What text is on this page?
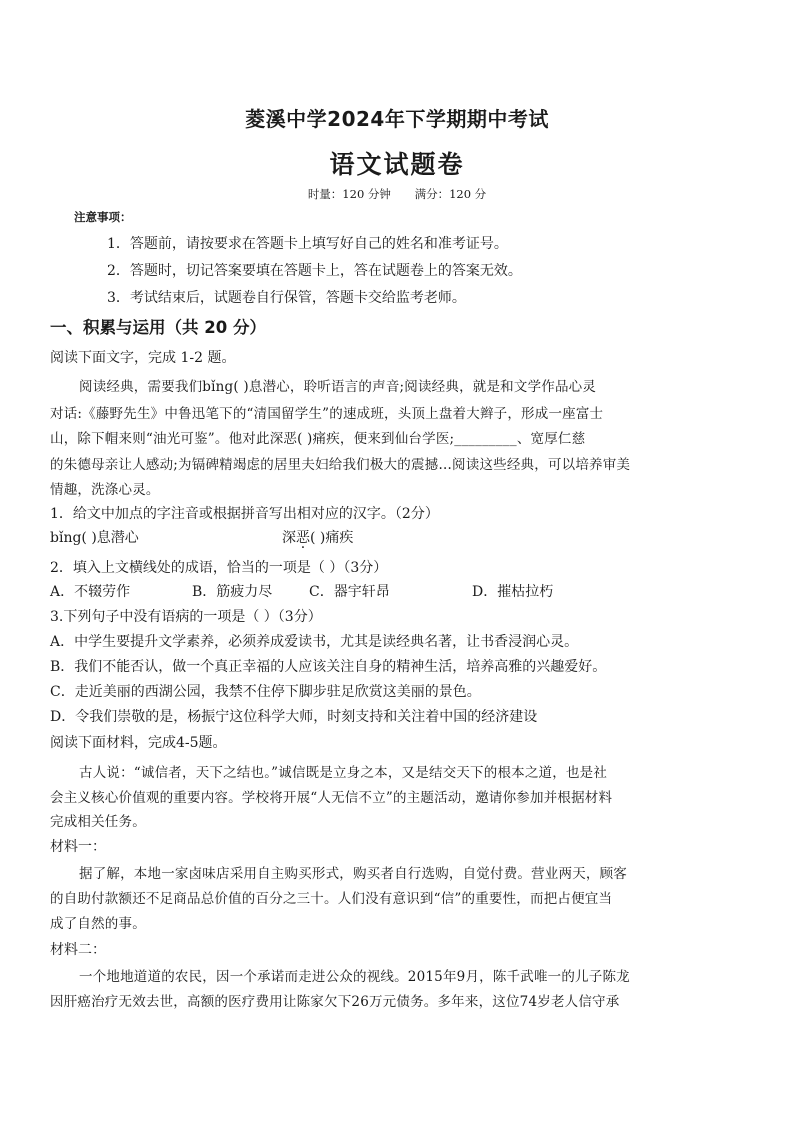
菱溪中学2024年下学期期中考试
语文试题卷
时量：120 分钟 满分：120 分
注意事项：
1．答题前，请按要求在答题卡上填写好自己的姓名和准考证号。
2．答题时，切记答案要填在答题卡上，答在试题卷上的答案无效。
3．考试结束后，试题卷自行保管，答题卡交给监考老师。
一、积累与运用（共 20 分）
阅读下面文字，完成 1-2 题。
阅读经典，需要我们bǐng( )息潜心，聆听语言的声音;阅读经典，就是和文学作品心灵
对话:《藤野先生》中鲁迅笔下的“清国留学生”的速成班，头顶上盘着大辫子，形成一座富士
山，除下帽来则“油光可鉴”。他对此深恶( )痛疾，便来到仙台学医;_________、宽厚仁慈
的朱德母亲让人感动;为镉碑精竭虑的居里夫妇给我们极大的震撼…阅读这些经典，可以培养审美
情趣，洗涤心灵。
1．给文中加点的字注音或根据拼音写出相对应的汉字。（2分）
bǐng( )息潜心	深恶( )痛疾
2．填入上文横线处的成语，恰当的一项是（ ）（3分）
A．不辍劳作	B．筋疲力尽	C．器宇轩昂	D．摧枯拉朽
3.下列句子中没有语病的一项是（ ）（3分）
A．中学生要提升文学素养，必须养成爱读书，尤其是读经典名著，让书香浸润心灵。
B．我们不能否认，做一个真正幸福的人应该关注自身的精神生活，培养高雅的兴趣爱好。
C．走近美丽的西湖公园，我禁不住停下脚步驻足欣赏这美丽的景色。
D．令我们崇敬的是，杨振宁这位科学大师，时刻支持和关注着中国的经济建设
阅读下面材料，完成4-5题。
古人说：“诚信者，天下之结也。”诚信既是立身之本，又是结交天下的根本之道，也是社
会主义核心价值观的重要内容。学校将开展“人无信不立”的主题活动，邀请你参加并根据材料
完成相关任务。
材料一：
据了解，本地一家卤味店采用自主购买形式，购买者自行选购，自觉付费。营业两天，顾客
的自助付款额还不足商品总价值的百分之三十。人们没有意识到“信”的重要性，而把占便宜当
成了自然的事。
材料二：
一个地地道道的农民，因一个承诺而走进公众的视线。2015年9月，陈千武唯一的儿子陈龙
因肝癌治疗无效去世，高额的医疗费用让陈家欠下26万元债务。多年来，这位74岁老人信守承
